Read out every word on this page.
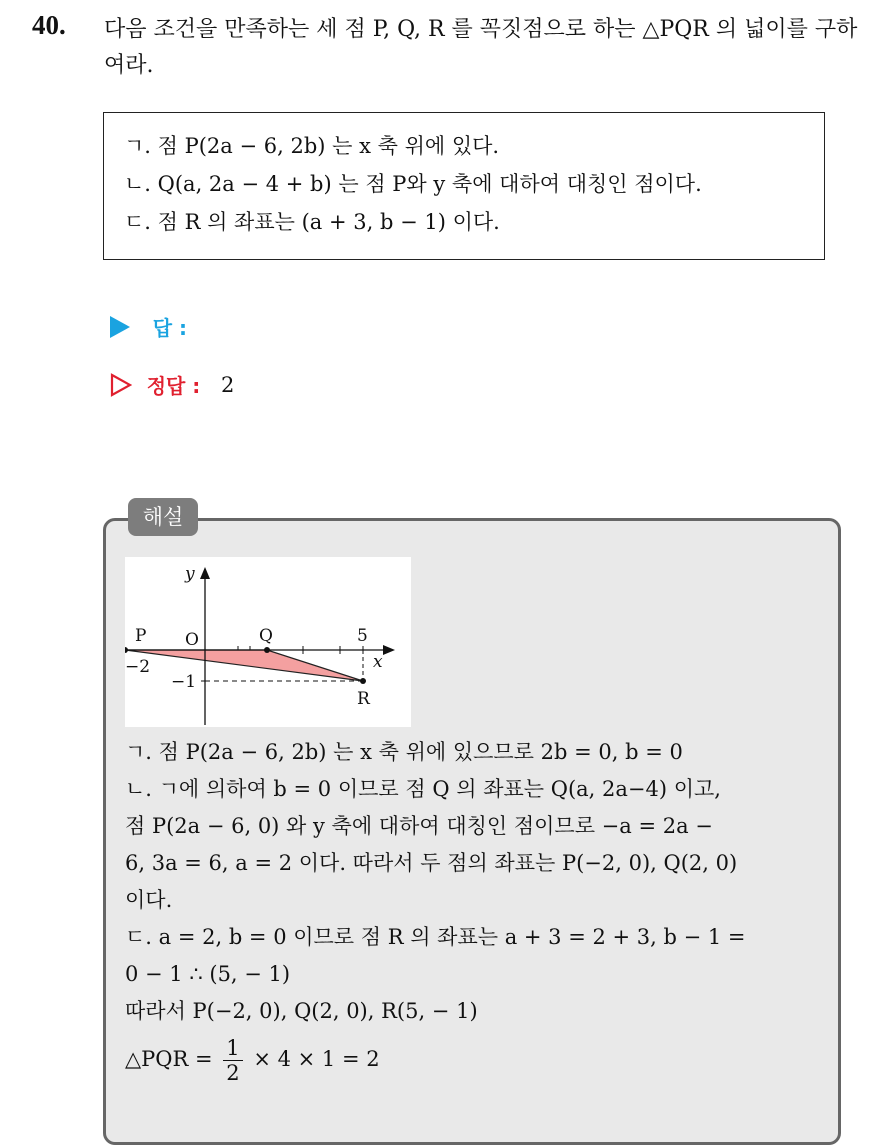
40. 다음 조건을 만족하는 세 점 P, Q, R 를 꼭짓점으로 하는 △PQR 의 넓이를 구하여라.
ㄱ. 점 P(2a − 6, 2b) 는 x 축 위에 있다.
ㄴ. Q(a, 2a − 4 + b) 는 점 P와 y 축에 대하여 대칭인 점이다.
ㄷ. 점 R 의 좌표는 (a + 3, b − 1) 이다.
답 :
정답 : 2
해설
y
x
P O	Q	5
−2
−1
R
ㄱ. 점 P(2a − 6, 2b) 는 x 축 위에 있으므로 2b = 0, b = 0
ㄴ. ㄱ에 의하여 b = 0 이므로 점 Q 의 좌표는 Q(a, 2a−4) 이고,
점 P(2a − 6, 0) 와 y 축에 대하여 대칭인 점이므로 −a = 2a −
6, 3a = 6, a = 2 이다. 따라서 두 점의 좌표는 P(−2, 0), Q(2, 0)
이다.
ㄷ. a = 2, b = 0 이므로 점 R 의 좌표는 a + 3 = 2 + 3, b − 1 =
0 − 1 ∴ (5, − 1)
따라서 P(−2, 0), Q(2, 0), R(5, − 1)
△PQR = $\frac{1}{2} \times 4 \times 1 = 2$
